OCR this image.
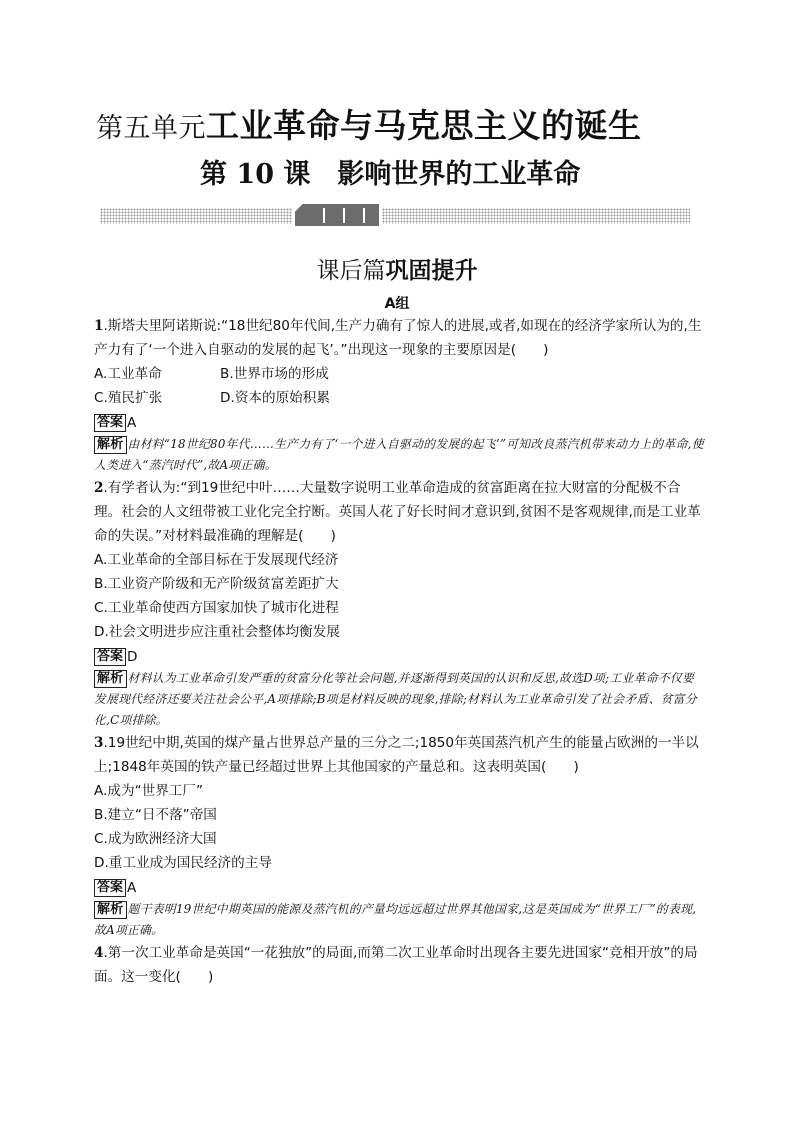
第五单元工业革命与马克思主义的诞生
第 10 课　 影响世界的工业革命
课后篇巩固提升
A组

1.斯塔夫里阿诺斯说:“18世纪80年代间,生产力确有了惊人的进展,或者,如现在的经济学家所认为的,生产力有了‘一个进入自驱动的发展的起飞’。”出现这一现象的主要原因是(　　)

A.工业革命	B.世界市场的形成
C.殖民扩张	D.资本的原始积累
答案 A
解析 由材料“18世纪80年代……生产力有了‘一个进入自驱动的发展的起飞’”可知改良蒸汽机带来动力上的革命,使人类进入“蒸汽时代”,故A项正确。

2.有学者认为:“到19世纪中叶……大量数字说明工业革命造成的贫富距离在拉大财富的分配极不合理。社会的人文纽带被工业化完全拧断。英国人花了好长时间才意识到,贫困不是客观规律,而是工业革命的失误。”对材料最准确的理解是(　　)

A.工业革命的全部目标在于发展现代经济
B.工业资产阶级和无产阶级贫富差距扩大
C.工业革命使西方国家加快了城市化进程
D.社会文明进步应注重社会整体均衡发展
答案 D
解析 材料认为工业革命引发严重的贫富分化等社会问题,并逐渐得到英国的认识和反思,故选D项;工业革命不仅要发展现代经济还要关注社会公平,A项排除;B项是材料反映的现象,排除;材料认为工业革命引发了社会矛盾、贫富分化,C项排除。

3.19世纪中期,英国的煤产量占世界总产量的三分之二;1850年英国蒸汽机产生的能量占欧洲的一半以上;1848年英国的铁产量已经超过世界上其他国家的产量总和。这表明英国(　　)

A.成为“世界工厂”
B.建立“日不落”帝国
C.成为欧洲经济大国
D.重工业成为国民经济的主导
答案 A
解析 题干表明19世纪中期英国的能源及蒸汽机的产量均远远超过世界其他国家,这是英国成为“世界工厂”的表现,故A项正确。

4.第一次工业革命是英国“一花独放”的局面,而第二次工业革命时出现各主要先进国家“竞相开放”的局面。这一变化(　　)
